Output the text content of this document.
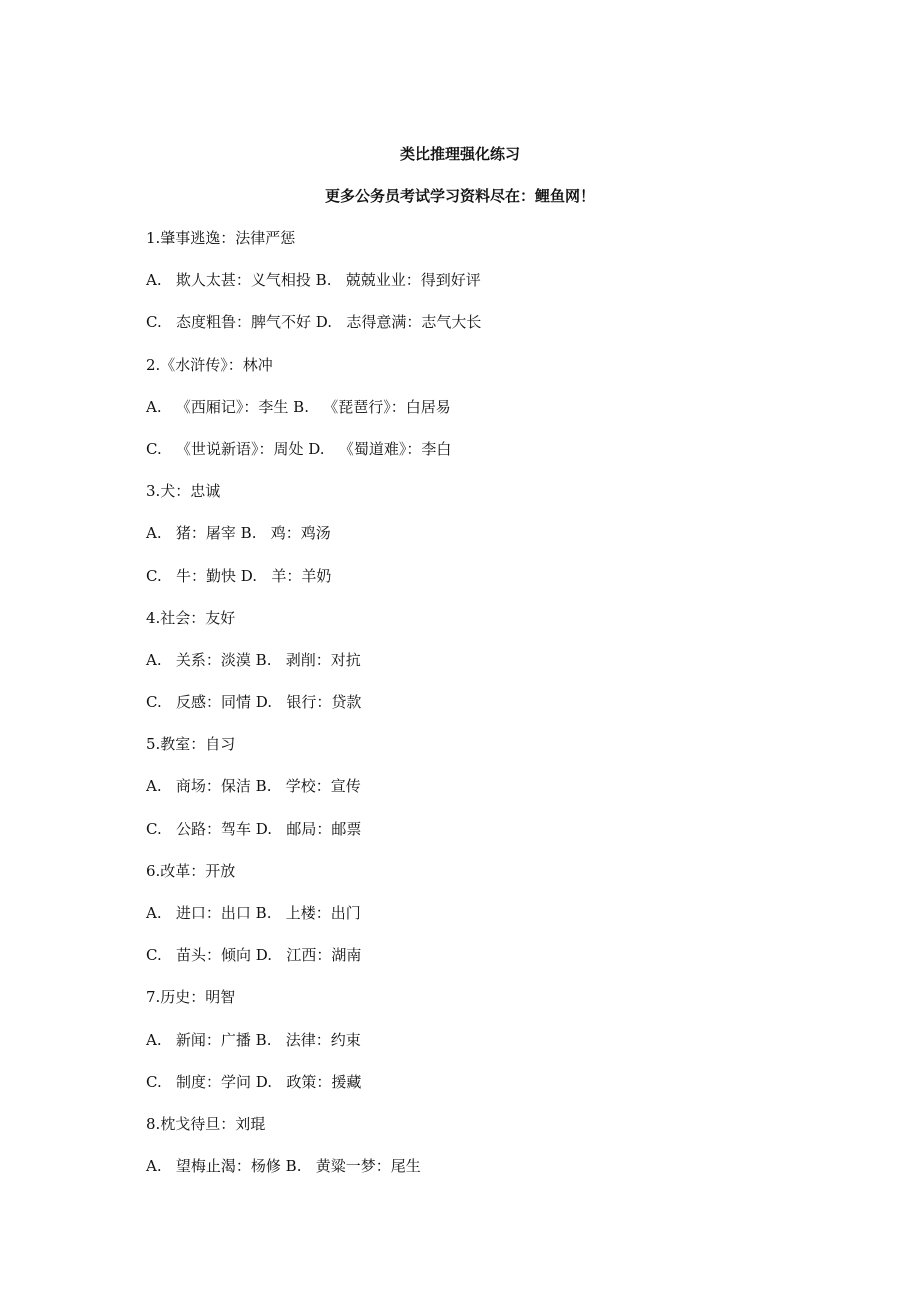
类比推理强化练习
更多公务员考试学习资料尽在：鲤鱼网！
1.肇事逃逸：法律严惩
A.   欺人太甚：义气相投 B.   兢兢业业：得到好评
C.   态度粗鲁：脾气不好 D.   志得意满：志气大长
2.《水浒传》：林冲
A.   《西厢记》：李生 B.   《琵琶行》：白居易
C.   《世说新语》：周处 D.   《蜀道难》：李白
3.犬：忠诚
A.   猪：屠宰 B.   鸡：鸡汤
C.   牛：勤快 D.   羊：羊奶
4.社会：友好
A.   关系：淡漠 B.   剥削：对抗
C.   反感：同情 D.   银行：贷款
5.教室：自习
A.   商场：保洁 B.   学校：宣传
C.   公路：驾车 D.   邮局：邮票
6.改革：开放
A.   进口：出口 B.   上楼：出门
C.   苗头：倾向 D.   江西：湖南
7.历史：明智
A.   新闻：广播 B.   法律：约束
C.   制度：学问 D.   政策：援藏
8.枕戈待旦：刘琨
A.   望梅止渴：杨修 B.   黄粱一梦：尾生
